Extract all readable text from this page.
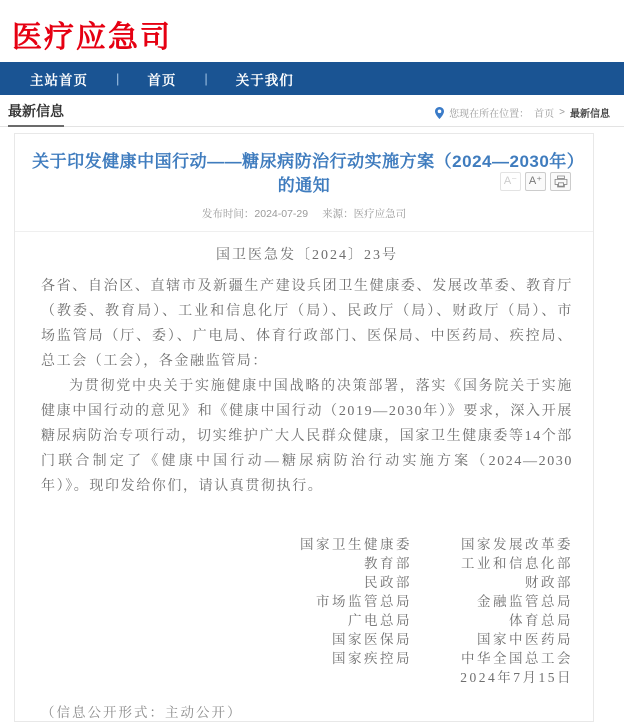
医疗应急司
主站首页 | 首页 | 关于我们
最新信息	您现在所在位置： 首页 > 最新信息
关于印发健康中国行动——糖尿病防治行动实施方案（2024—2030年）的通知
发布时间：2024-07-29 来源：医疗应急司
A⁻	A⁺

国卫医急发〔2024〕23号

各省、自治区、直辖市及新疆生产建设兵团卫生健康委、发展改革委、教育厅（教委、教育局）、工业和信息化厅（局）、民政厅（局）、财政厅（局）、市场监管局（厅、委）、广电局、体育行政部门、医保局、中医药局、疾控局、总工会（工会），各金融监管局：

为贯彻党中央关于实施健康中国战略的决策部署，落实《国务院关于实施健康中国行动的意见》和《健康中国行动（2019—2030年）》要求，深入开展糖尿病防治专项行动，切实维护广大人民群众健康，国家卫生健康委等14个部门联合制定了《健康中国行动—糖尿病防治行动实施方案（2024—2030年）》。现印发给你们，请认真贯彻执行。

国家卫生健康委	国家发展改革委
教育部	工业和信息化部
民政部	财政部
市场监管总局	金融监管总局
广电总局	体育总局
国家医保局	国家中医药局
国家疾控局	中华全国总工会
2024年7月15日

（信息公开形式：主动公开）
